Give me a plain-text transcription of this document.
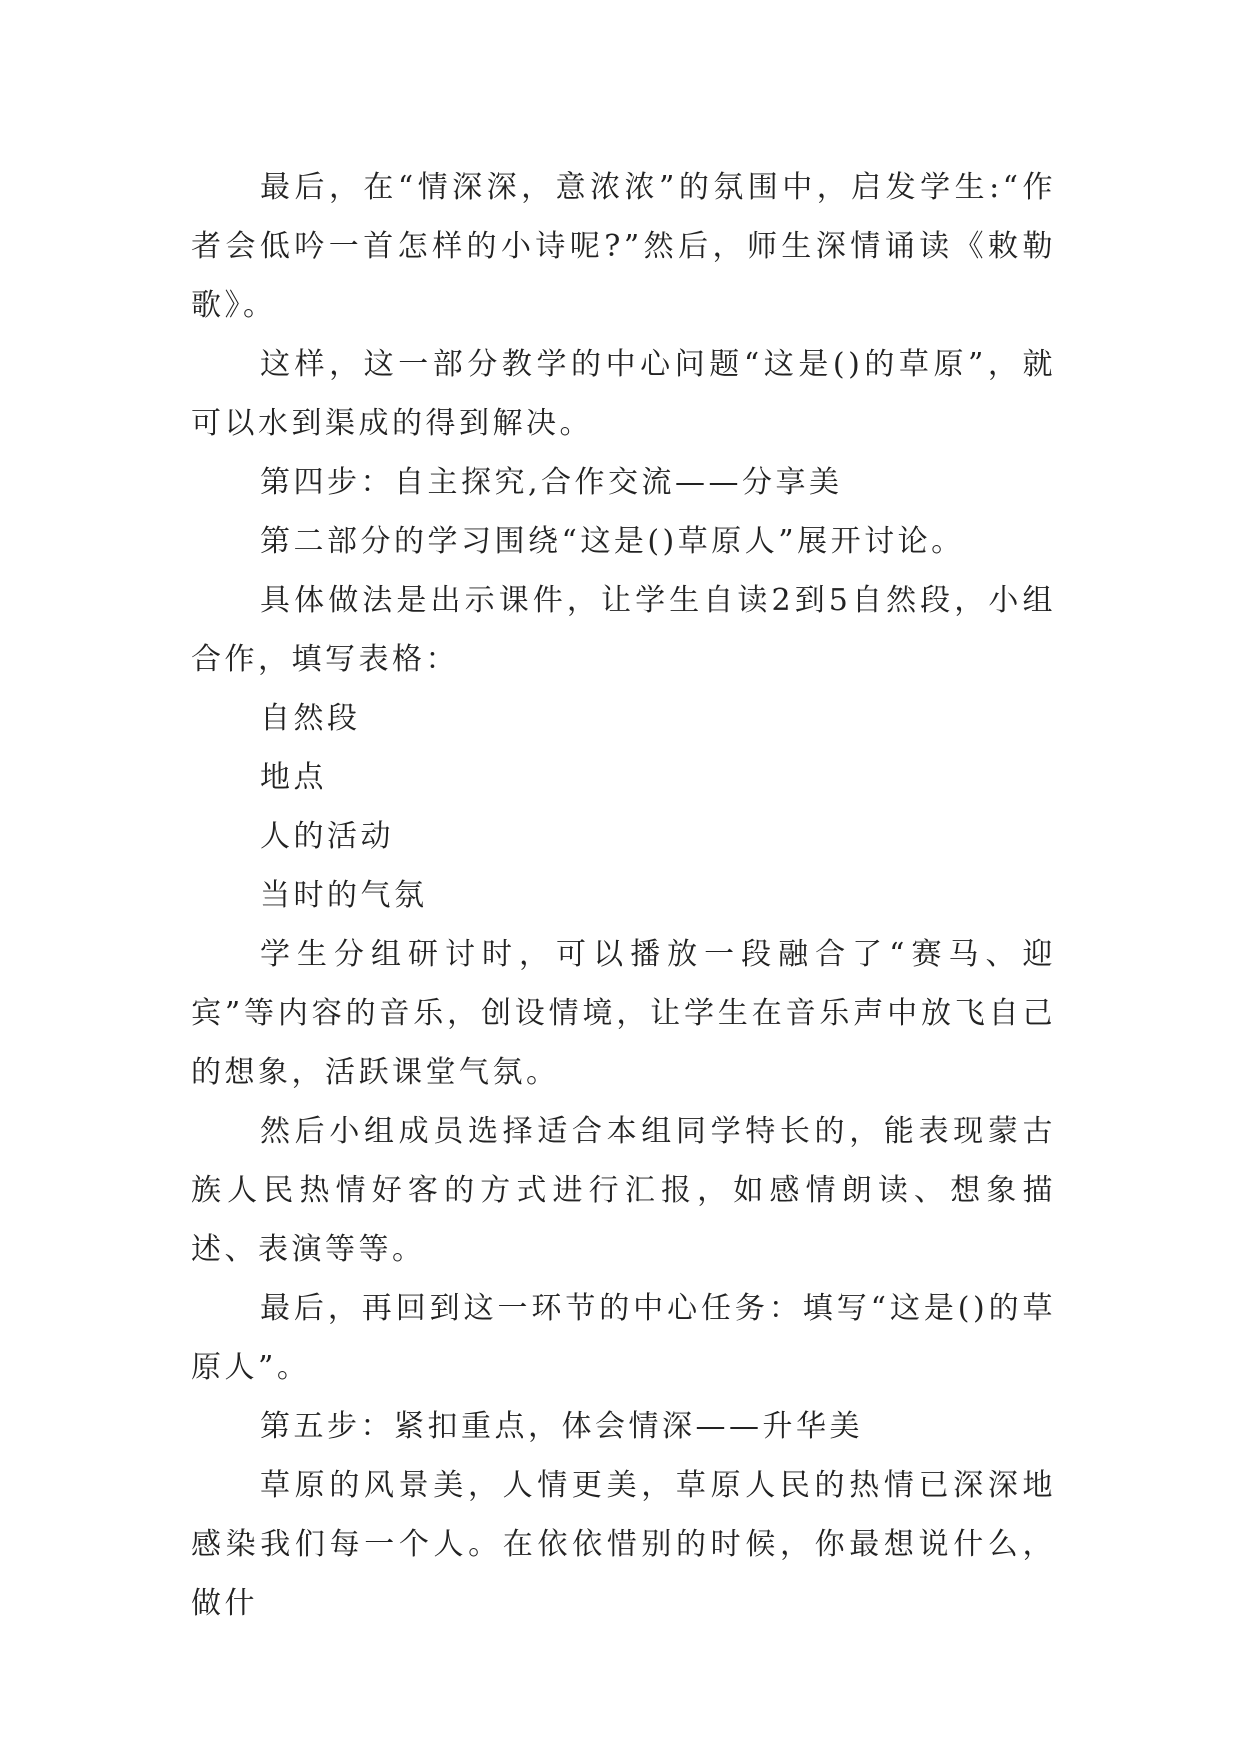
最后，在“情深深，意浓浓”的氛围中，启发学生:“作者会低吟一首怎样的小诗呢?”然后，师生深情诵读《敕勒歌》。

这样，这一部分教学的中心问题“这是()的草原”，就可以水到渠成的得到解决。

第四步：自主探究,合作交流——分享美

第二部分的学习围绕“这是()草原人”展开讨论。

具体做法是出示课件，让学生自读2到5自然段，小组合作，填写表格：

自然段

地点

人的活动

当时的气氛

学生分组研讨时，可以播放一段融合了“赛马、迎宾”等内容的音乐，创设情境，让学生在音乐声中放飞自己的想象，活跃课堂气氛。

然后小组成员选择适合本组同学特长的，能表现蒙古族人民热情好客的方式进行汇报，如感情朗读、想象描述、表演等等。

最后，再回到这一环节的中心任务：填写“这是()的草原人”。

第五步：紧扣重点，体会情深——升华美

草原的风景美，人情更美，草原人民的热情已深深地感染我们每一个人。在依依惜别的时候，你最想说什么，做什
